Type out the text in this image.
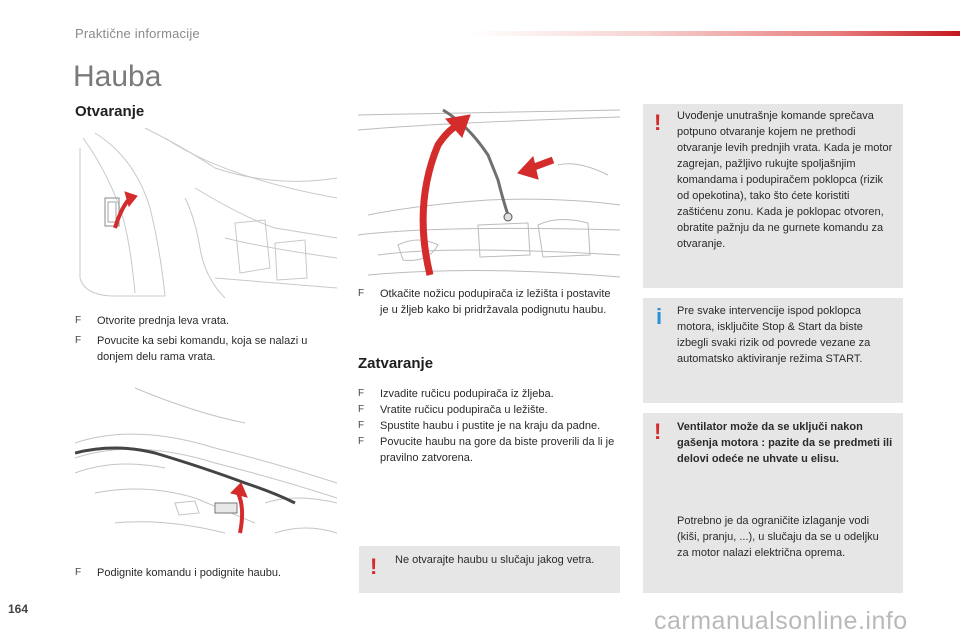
Praktične informacije
Hauba
Otvaranje
F Otvorite prednja leva vrata.
F Povucite ka sebi komandu, koja se nalazi u donjem delu rama vrata.
F Otkačite nožicu podupirača iz ležišta i postavite je u žljeb kako bi pridržavala podignutu haubu.
Zatvaranje
F Izvadite ručicu podupirača iz žljeba.
F Vratite ručicu podupirača u ležište.
F Spustite haubu i pustite je na kraju da padne.
F Povucite haubu na gore da biste proverili da li je pravilno zatvorena.
F Podignite komandu i podignite haubu.	! Ne otvarajte haubu u slučaju jakog vetra.
! Uvođenje unutrašnje komande sprečava potpuno otvaranje kojem ne prethodi otvaranje levih prednjih vrata. Kada je motor zagrejan, pažljivo rukujte spoljašnjim komandama i podupiračem poklopca (rizik od opekotina), tako što ćete koristiti zaštićenu zonu. Kada je poklopac otvoren, obratite pažnju da ne gurnete komandu za otvaranje.
i Pre svake intervencije ispod poklopca motora, isključite Stop & Start da biste izbegli svaki rizik od povrede vezane za automatsko aktiviranje režima START.
! Ventilator može da se uključi nakon gašenja motora : pazite da se predmeti ili delovi odeće ne uhvate u elisu.
Potrebno je da ograničite izlaganje vodi (kiši, pranju, ...), u slučaju da se u odeljku za motor nalazi električna oprema.
164	carmanualsonline.info
